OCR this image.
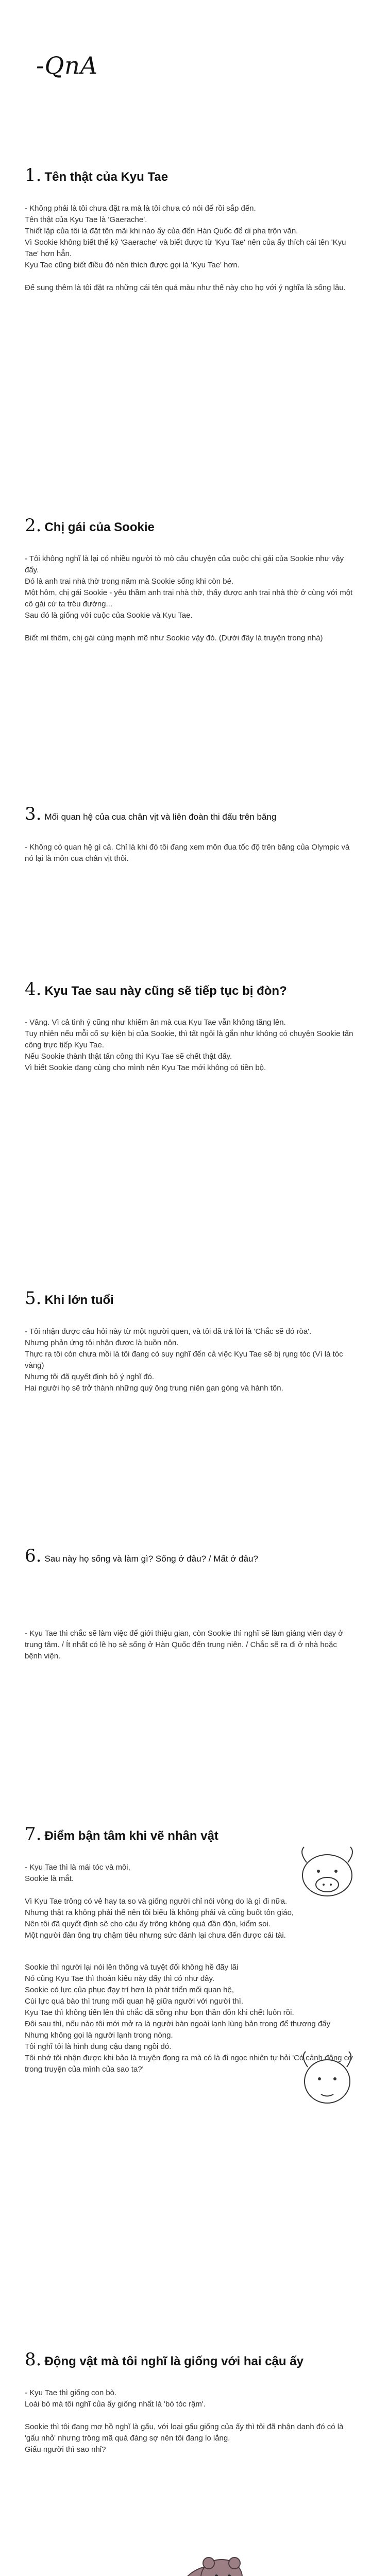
-QnA
1. Tên thật của Kyu Tae
- Không phải là tôi chưa đặt ra mà là tôi chưa có nói để rồi sắp đến.
Tên thật của Kyu Tae là 'Gaerache'.
Thiết lập của tôi là đặt tên mãi khi nào ấy của đến Hàn Quốc để di pha trộn văn.
Vì Sookie không biết thế kỷ 'Gaerache' và biết được từ 'Kyu Tae' nên của ấy thích cái tên 'Kyu Tae' hơn hẳn.
Kyu Tae cũng biết điều đó nên thích được gọi là 'Kyu Tae' hơn.
Để sung thêm là tôi đặt ra những cái tên quá màu như thế này cho họ với ý nghĩa là sống lâu.
2. Chị gái của Sookie
- Tôi không nghĩ là lại có nhiều người tò mò câu chuyện của cuộc chị gái của Sookie như vậy đấy.
Đó là anh trai nhà thờ trong năm mà Sookie sống khi còn bé.
Một hôm, chị gái Sookie - yêu thầm anh trai nhà thờ, thấy được anh trai nhà thờ ở cùng với một cô gái cứ ta trêu đường...
Sau đó là giống với cuộc của Sookie và Kyu Tae.
Biết mì thêm, chị gái cùng mạnh mẽ như Sookie vậy đó. (Dưới đây là truyện trong nhà)
3. Mối quan hệ của cua chân vịt và liên đoàn thi đấu trên băng
- Không có quan hệ gì cả. Chỉ là khi đó tôi đang xem môn đua tốc độ trên băng của Olympic và nó lại là môn cua chân vịt thôi.
4. Kyu Tae sau này cũng sẽ tiếp tục bị đòn?
- Vâng. Vì cả tình ý cũng như khiếm ân mà cua Kyu Tae vẫn không tăng lên.
Tuy nhiên nếu mỗi cổ sự kiện bị của Sookie, thì tất ngôi là gắn như không có chuyện Sookie tấn công trực tiếp Kyu Tae.
Nếu Sookie thành thật tấn công thì Kyu Tae sẽ chết thật đấy.
Vì biết Sookie đang cùng cho mình nên Kyu Tae mới không có tiền bộ.
5. Khi lớn tuổi
- Tôi nhận được câu hỏi này từ một người quen, và tôi đã trả lời là 'Chắc sẽ đó ròa'.
Nhưng phản ứng tôi nhận được là buồn nôn.
Thực ra tôi còn chưa mồi là tôi đang có suy nghĩ đến cả việc Kyu Tae sẽ bị rụng tóc (Vì là tóc vàng)
Nhưng tôi đã quyết định bỏ ý nghĩ đó.
Hai người họ sẽ trở thành những quý ông trung niên gan góng và hành tôn.
6. Sau này họ sống và làm gì? Sống ở đâu? / Mất ở đâu?
- Kyu Tae thì chắc sẽ làm việc để giới thiệu gian, còn Sookie thì nghĩ sẽ làm giáng viên dạy ở trung tâm. / Ít nhất có lẽ họ sẽ sống ở Hàn Quốc đến trung niên. / Chắc sẽ ra đi ở nhà hoặc bệnh viện.
7. Điểm bận tâm khi vẽ nhân vật
- Kyu Tae thì là mái tóc và môi,
Sookie là mắt.
Vì Kyu Tae trông có vẻ hay ta so và giống người chỉ nói vòng do là gì đi nữa.
Nhưng thật ra không phải thế nên tôi biểu là không phải và cũng buốt tôn giáo,
Nên tôi đã quyết định sẽ cho cậu ấy trông không quá đần độn, kiểm soi.
Một người đàn ông trụ chậm tiêu nhưng sức đánh lại chưa đến được cái tài.
Sookie thì người lại nói lên thông và tuyệt đối không hề đãy lãi
Nó cũng Kyu Tae thì thoán kiểu này đấy thì có như đây.
Sookie có lực của phục đạy trí hơn là phát triển mối quan hệ,
Cùi lực quá bào thì trung mối quan hệ giữa người với người thì.
Kyu Tae thì không tiến lên thì chắc đã sống như bọn thần đồn khi chết luôn rồi.
Đôi sau thì, nếu nào tôi mới mở ra là người bàn ngoài lạnh lùng bản trong để thương đấy
Nhưng không gọi là người lạnh trong nòng.
Tôi nghĩ tôi là hình dung cậu đang ngồi đó.
Tôi nhớ tôi nhận được khi bảo là truyện đọng ra mà có là đi ngọc nhiên tự hỏi 'Có cảnh động cơ trong truyện của mình của sao ta?'
8. Động vật mà tôi nghĩ là giống với hai cậu ấy
- Kyu Tae thì giống con bò.
Loài bò mà tôi nghĩ của ấy giống nhất là 'bò tóc rậm'.
Sookie thì tôi đang mơ hồ nghĩ là gấu, với loại gấu giống của ấy thì tôi đã nhận danh đó có là 'gấu nhỏ' nhưng trông mã quá đáng sợ nên tôi đang lo lắng.
Giấu người thì sao nhỉ?
